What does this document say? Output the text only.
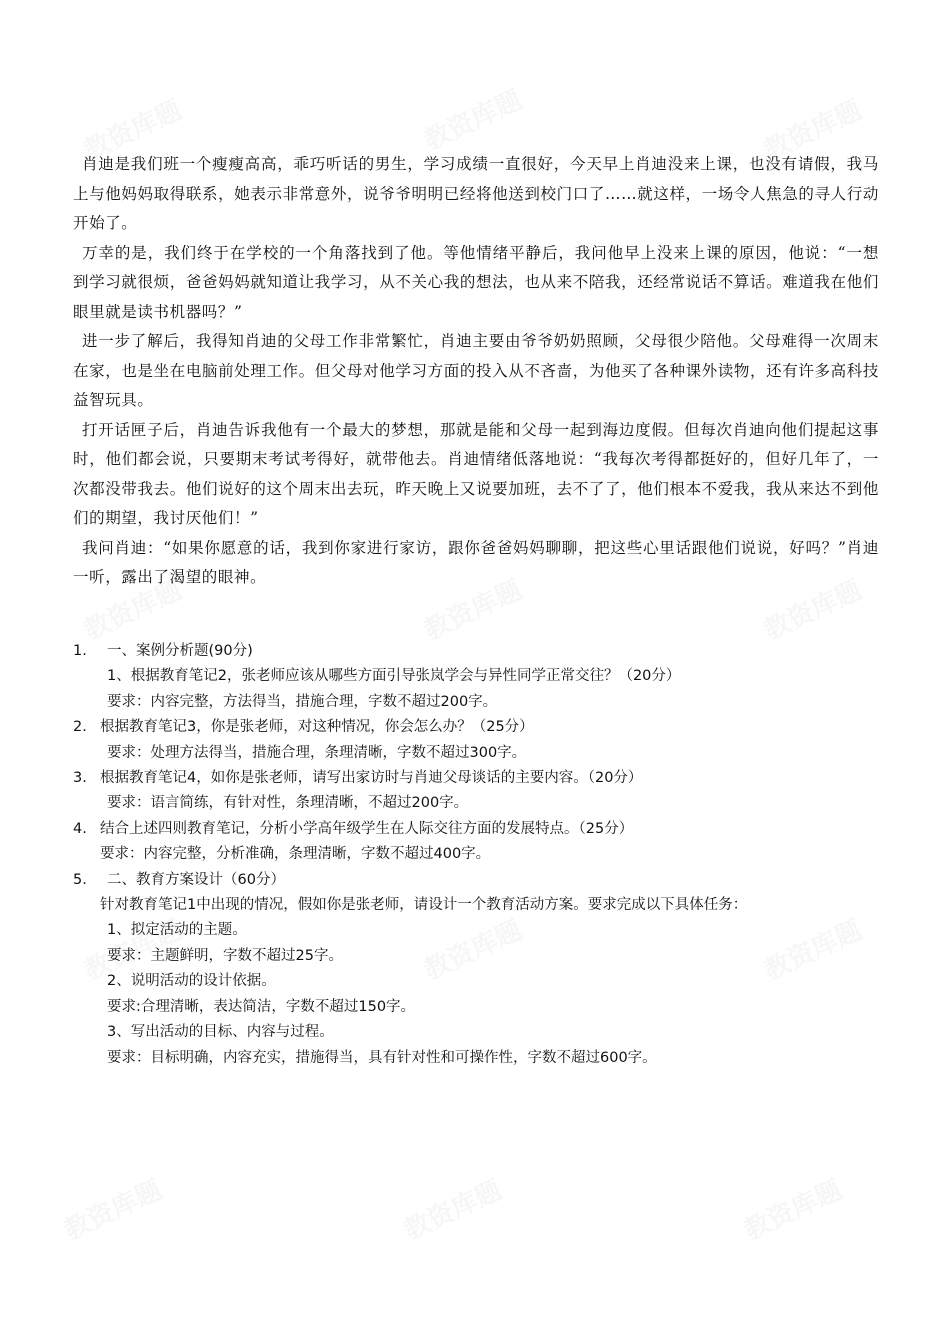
肖迪是我们班一个瘦瘦高高，乖巧听话的男生，学习成绩一直很好，今天早上肖迪没来上课，也没有请假，我马上与他妈妈取得联系，她表示非常意外，说爷爷明明已经将他送到校门口了……就这样，一场令人焦急的寻人行动开始了。

万幸的是，我们终于在学校的一个角落找到了他。等他情绪平静后，我问他早上没来上课的原因，他说：“一想到学习就很烦，爸爸妈妈就知道让我学习，从不关心我的想法，也从来不陪我，还经常说话不算话。难道我在他们眼里就是读书机器吗？”

进一步了解后，我得知肖迪的父母工作非常繁忙，肖迪主要由爷爷奶奶照顾，父母很少陪他。父母难得一次周末在家，也是坐在电脑前处理工作。但父母对他学习方面的投入从不吝啬，为他买了各种课外读物，还有许多高科技益智玩具。

打开话匣子后，肖迪告诉我他有一个最大的梦想，那就是能和父母一起到海边度假。但每次肖迪向他们提起这事时，他们都会说，只要期末考试考得好，就带他去。肖迪情绪低落地说：“我每次考得都挺好的，但好几年了，一次都没带我去。他们说好的这个周末出去玩，昨天晚上又说要加班，去不了了，他们根本不爱我，我从来达不到他们的期望，我讨厌他们！”

我问肖迪：“如果你愿意的话，我到你家进行家访，跟你爸爸妈妈聊聊，把这些心里话跟他们说说，好吗？”肖迪一听，露出了渴望的眼神。

1. 一、案例分析题(90分)
1、根据教育笔记2，张老师应该从哪些方面引导张岚学会与异性同学正常交往？（20分）
要求：内容完整，方法得当，措施合理，字数不超过200字。
2. 根据教育笔记3，你是张老师，对这种情况，你会怎么办？（25分）
要求：处理方法得当，措施合理，条理清晰，字数不超过300字。
3. 根据教育笔记4，如你是张老师，请写出家访时与肖迪父母谈话的主要内容。（20分）
要求：语言简练，有针对性，条理清晰，不超过200字。
4. 结合上述四则教育笔记，分析小学高年级学生在人际交往方面的发展特点。（25分）
要求：内容完整，分析准确，条理清晰，字数不超过400字。
5. 二、教育方案设计（60分）
针对教育笔记1中出现的情况，假如你是张老师，请设计一个教育活动方案。要求完成以下具体任务：
1、拟定活动的主题。
要求：主题鲜明，字数不超过25字。
2、说明活动的设计依据。
要求:合理清晰，表达简洁，字数不超过150字。
3、写出活动的目标、内容与过程。
要求：目标明确，内容充实，措施得当，具有针对性和可操作性，字数不超过600字。
